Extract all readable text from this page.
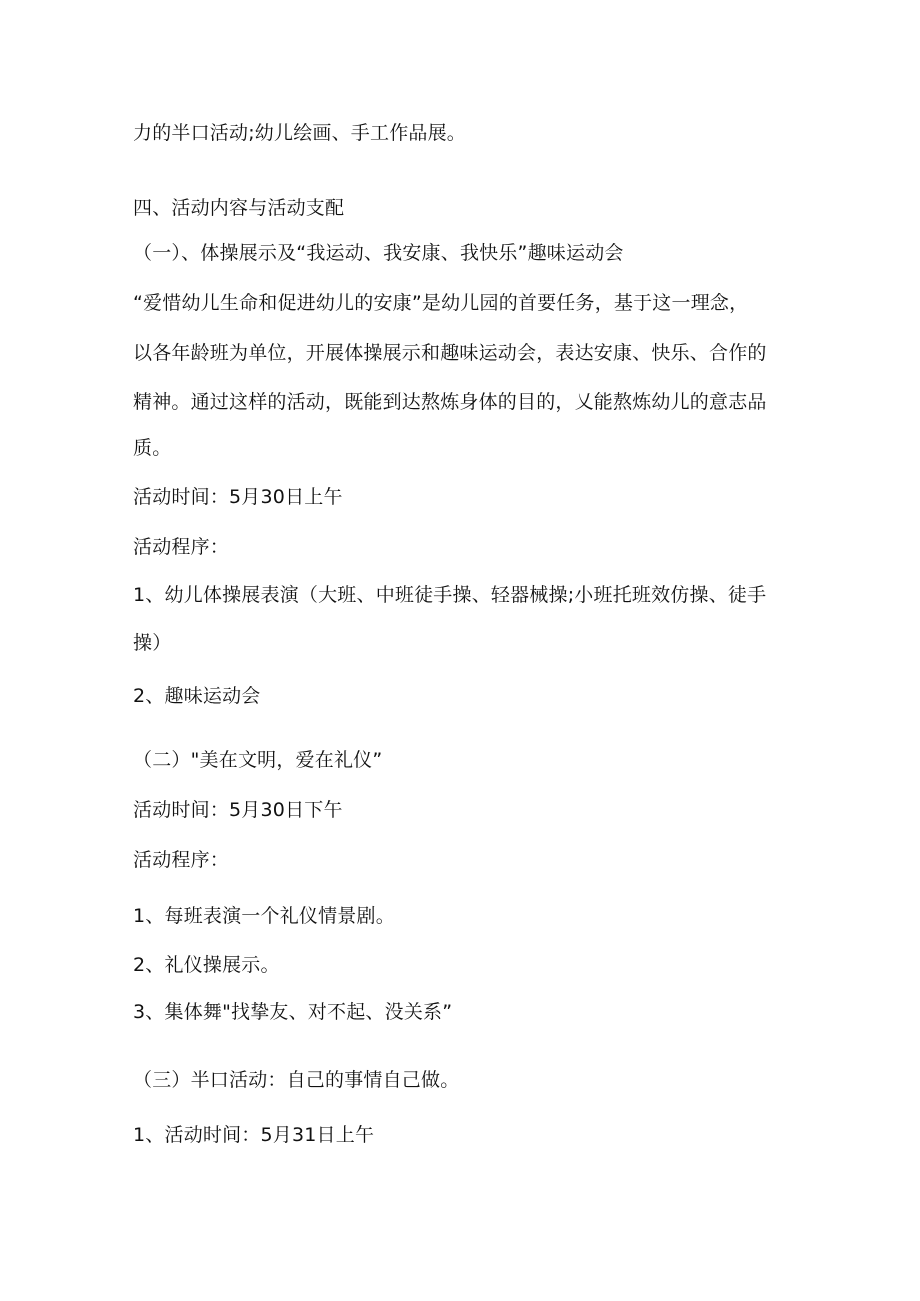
力的半口活动;幼儿绘画、手工作品展。
四、活动内容与活动支配
（一）、体操展示及“我运动、我安康、我快乐”趣味运动会
“爱惜幼儿生命和促进幼儿的安康”是幼儿园的首要任务，基于这一理念，
以各年龄班为单位，开展体操展示和趣味运动会，表达安康、快乐、合作的
精神。通过这样的活动，既能到达熬炼身体的目的，乂能熬炼幼儿的意志品
质。
活动时间：5月30日上午
活动程序：
1、幼儿体操展表演（大班、中班徒手操、轻器械操;小班托班效仿操、徒手
操）
2、趣味运动会
（二）"美在文明，爱在礼仪”
活动时间：5月30日下午
活动程序：
1、每班表演一个礼仪情景剧。
2、礼仪操展示。
3、集体舞"找挚友、对不起、没关系”
（三）半口活动：自己的事情自己做。
1、活动时间：5月31日上午
